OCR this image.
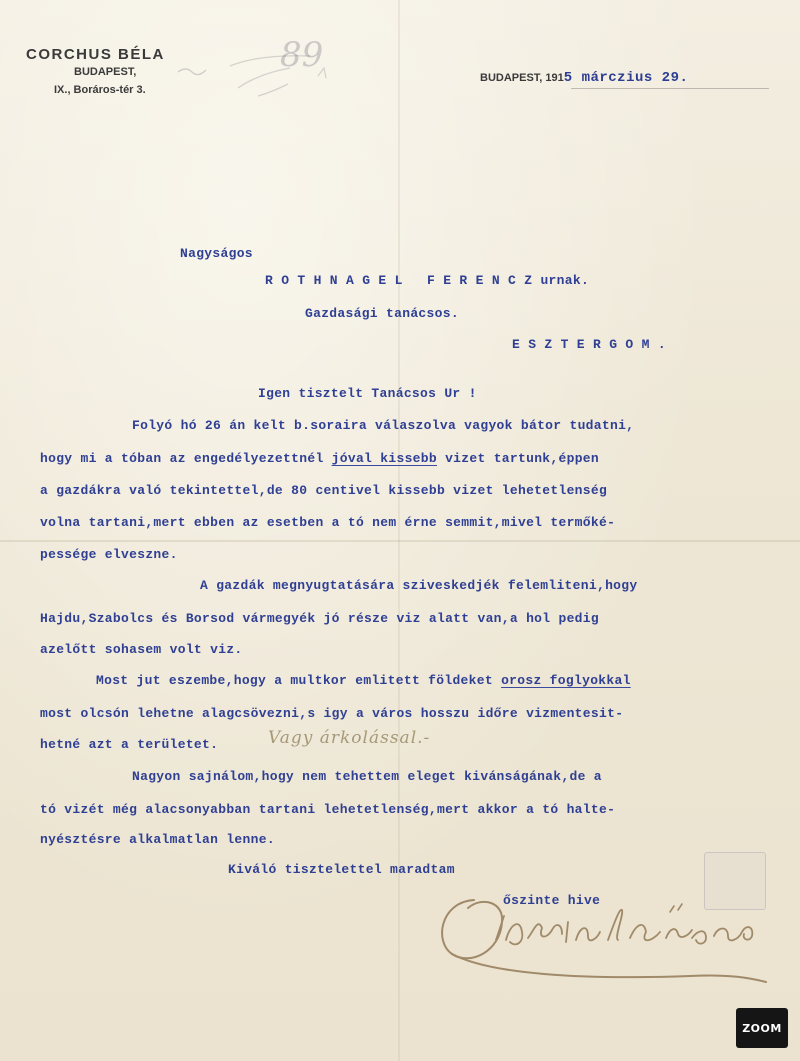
CORCHUS BÉLA
BUDAPEST,
IX., Boráros-tér 3.
89
BUDAPEST, 1915 márczius 29.

Nagyságos

R O T H N A G E L   F E R E N C Z urnak.

Gazdasági tanácsos.

E S Z T E R G O M .

Igen tisztelt Tanácsos Ur !

Folyó hó 26 án kelt b.soraira válaszolva vagyok bátor tudatni,

hogy mi a tóban az engedélyezettnél jóval kissebb vizet tartunk,éppen

a gazdákra való tekintettel,de 80 centivel kissebb vizet lehetetlenség

volna tartani,mert ebben az esetben a tó nem érne semmit,mivel termőké-

pessége elveszne.

A gazdák megnyugtatására sziveskedjék felemliteni,hogy

Hajdu,Szabolcs és Borsod vármegyék jó része viz alatt van,a hol pedig

azelőtt sohasem volt viz.

Most jut eszembe,hogy a multkor emlitett földeket orosz foglyokkal

most olcsón lehetne alagcsövezni,s igy a város hosszu időre vizmentesit-

hetné azt a területet.	Vagy árkolással.-

Nagyon sajnálom,hogy nem tehettem eleget kivánságának,de a

tó vizét még alacsonyabban tartani lehetetlenség,mert akkor a tó halte-

nyésztésre alkalmatlan lenne.

Kiváló tisztelettel maradtam

őszinte hive

ZOOM
